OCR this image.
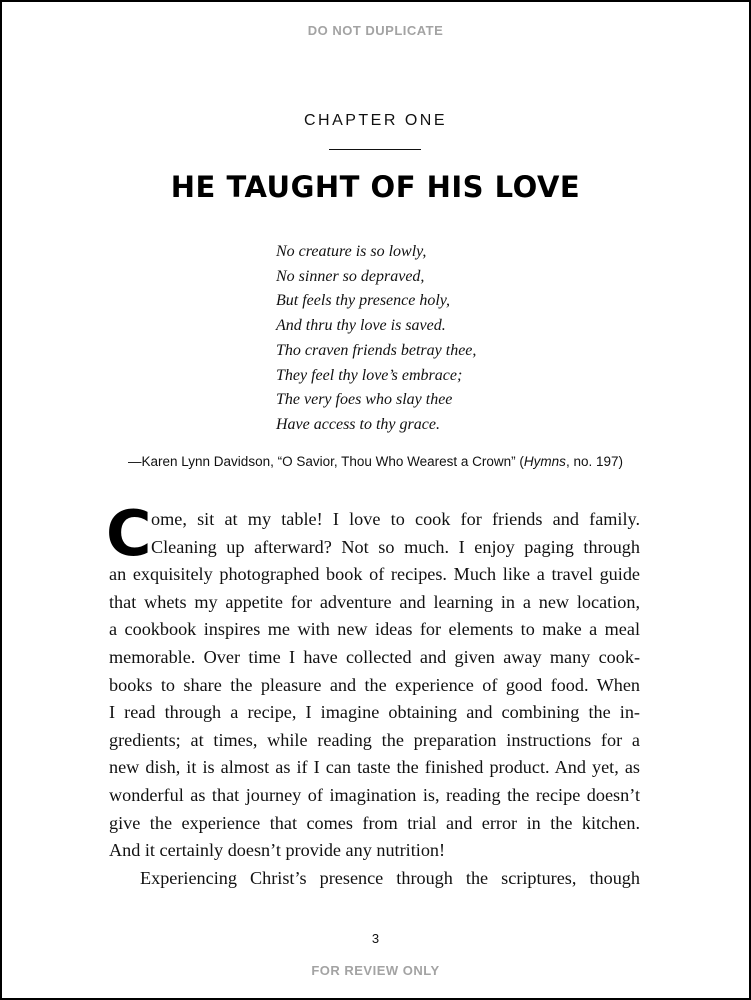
DO NOT DUPLICATE
CHAPTER ONE
HE TAUGHT OF HIS LOVE
No creature is so lowly,
No sinner so depraved,
But feels thy presence holy,
And thru thy love is saved.
Tho craven friends betray thee,
They feel thy love’s embrace;
The very foes who slay thee
Have access to thy grace.
—Karen Lynn Davidson, “O Savior, Thou Who Wearest a Crown” (Hymns, no. 197)
C ome, sit at my table! I love to cook for friends and family.
Cleaning up afterward? Not so much. I enjoy paging through
an exquisitely photographed book of recipes. Much like a travel guide
that whets my appetite for adventure and learning in a new location,
a cookbook inspires me with new ideas for elements to make a meal
memorable. Over time I have collected and given away many cook-
books to share the pleasure and the experience of good food. When
I read through a recipe, I imagine obtaining and combining the in-
gredients; at times, while reading the preparation instructions for a
new dish, it is almost as if I can taste the finished product. And yet, as
wonderful as that journey of imagination is, reading the recipe doesn’t
give the experience that comes from trial and error in the kitchen.
And it certainly doesn’t provide any nutrition!
Experiencing Christ’s presence through the scriptures, though
3
FOR REVIEW ONLY
